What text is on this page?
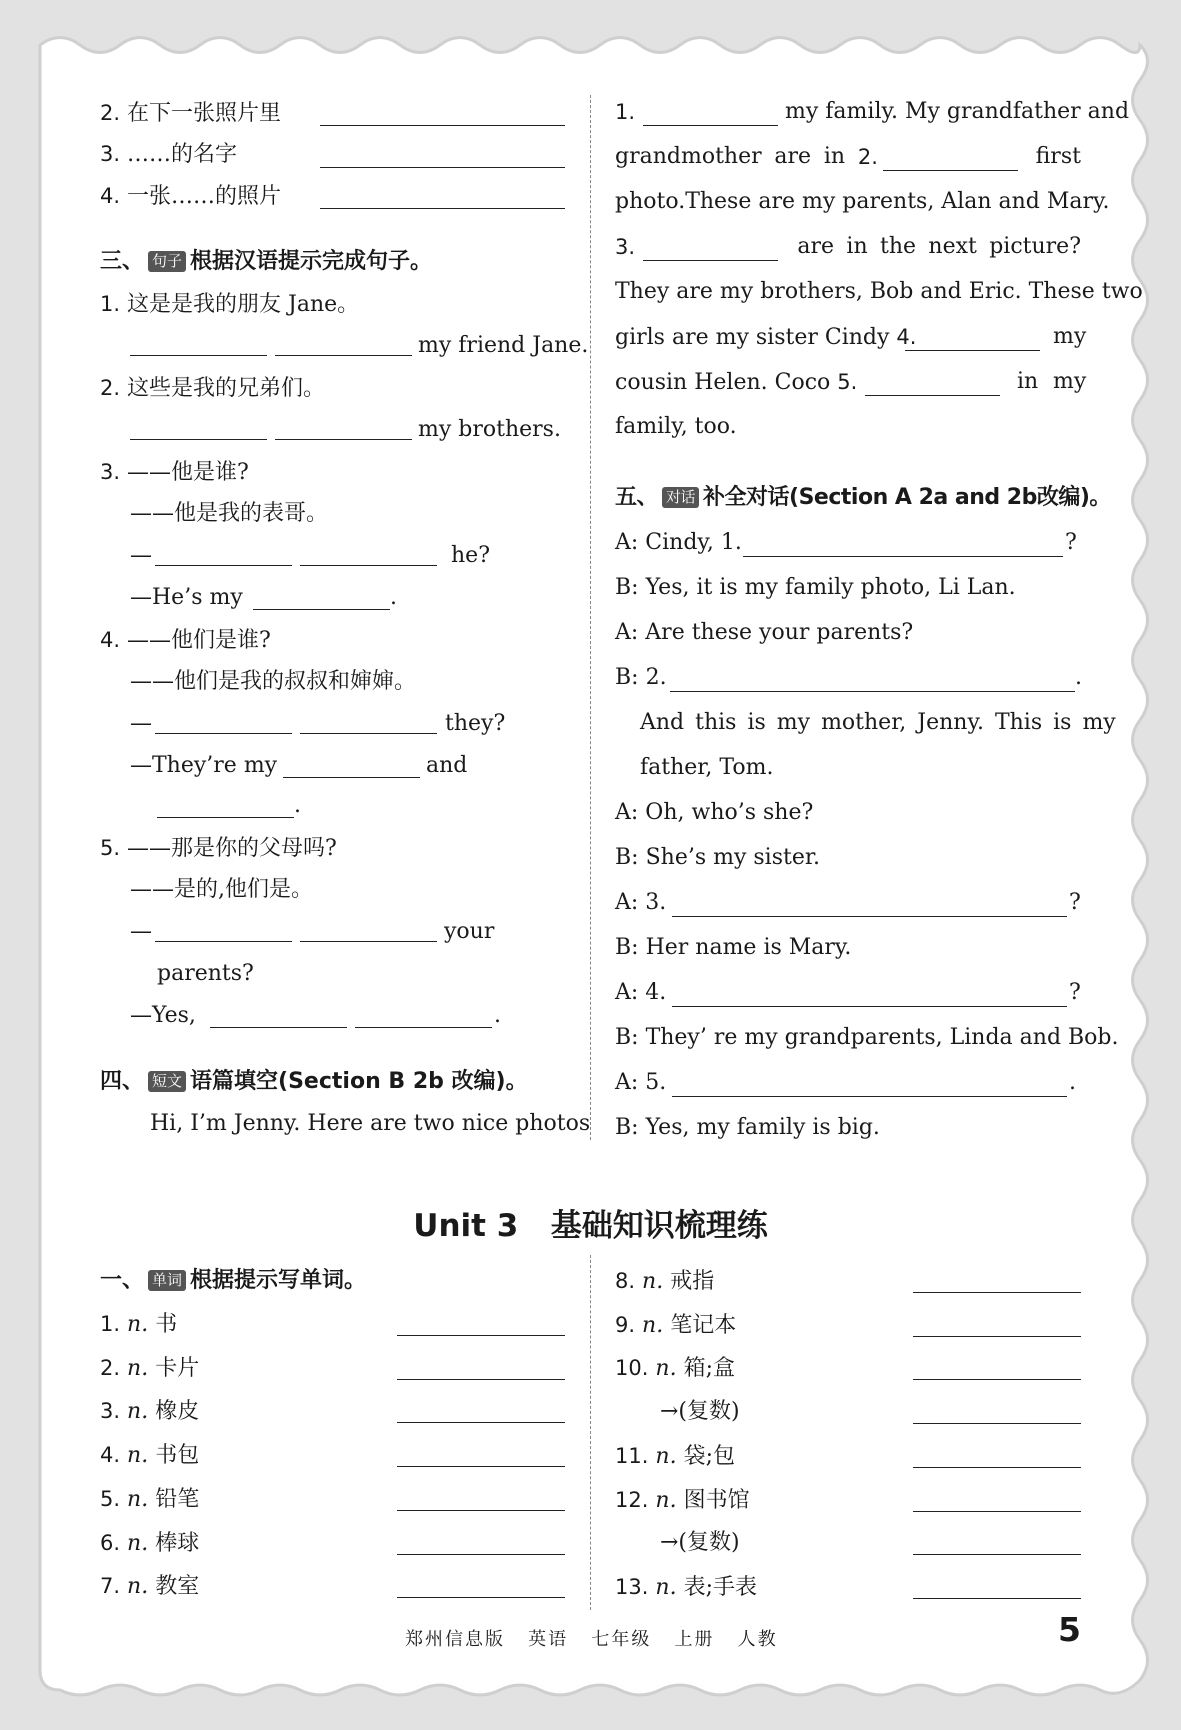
2. 在下一张照片里
3. ……的名字
4. 一张……的照片
三、 句子 根据汉语提示完成句子。
1. 这是是我的朋友 Jane。
my friend Jane.
2. 这些是我的兄弟们。
my brothers.
3. ——他是谁?
——他是我的表哥。
—	he?
—He’s my	.
4. ——他们是谁?
——他们是我的叔叔和婶婶。
—	they?
—They’re my	and
.
5. ——那是你的父母吗?
——是的,他们是。
—	your
parents?
—Yes,	.
四、 短文 语篇填空(Section B 2b 改编)。
Hi, I’m Jenny. Here are two nice photos
1.	my family. My grandfather and
grandmother are in 2.	first
photo.These are my parents, Alan and Mary.
3.	are in the next picture?
They are my brothers, Bob and Eric. These two
girls are my sister Cindy 4.	my
cousin Helen. Coco 5.	in my
family, too.
五、 对话 补全对话(Section A 2a and 2b改编)。
A: Cindy, 1.	?
B: Yes, it is my family photo, Li Lan.
A: Are these your parents?
B: 2.	.
And this is my mother, Jenny. This is my
father, Tom.
A: Oh, who’s she?
B: She’s my sister.
A: 3.	?
B: Her name is Mary.
A: 4.	?
B: They’ re my grandparents, Linda and Bob.
A: 5.	.
B: Yes, my family is big.
Unit 3   基础知识梳理练
一、 单词 根据提示写单词。
1. n. 书
2. n. 卡片
3. n. 橡皮
4. n. 书包
5. n. 铅笔
6. n. 棒球
7. n. 教室
8. n. 戒指
9. n. 笔记本
10. n. 箱;盒
→(复数)
11. n. 袋;包
12. n. 图书馆
→(复数)
13. n. 表;手表
郑州信息版   英语   七年级   上册   人教	5
